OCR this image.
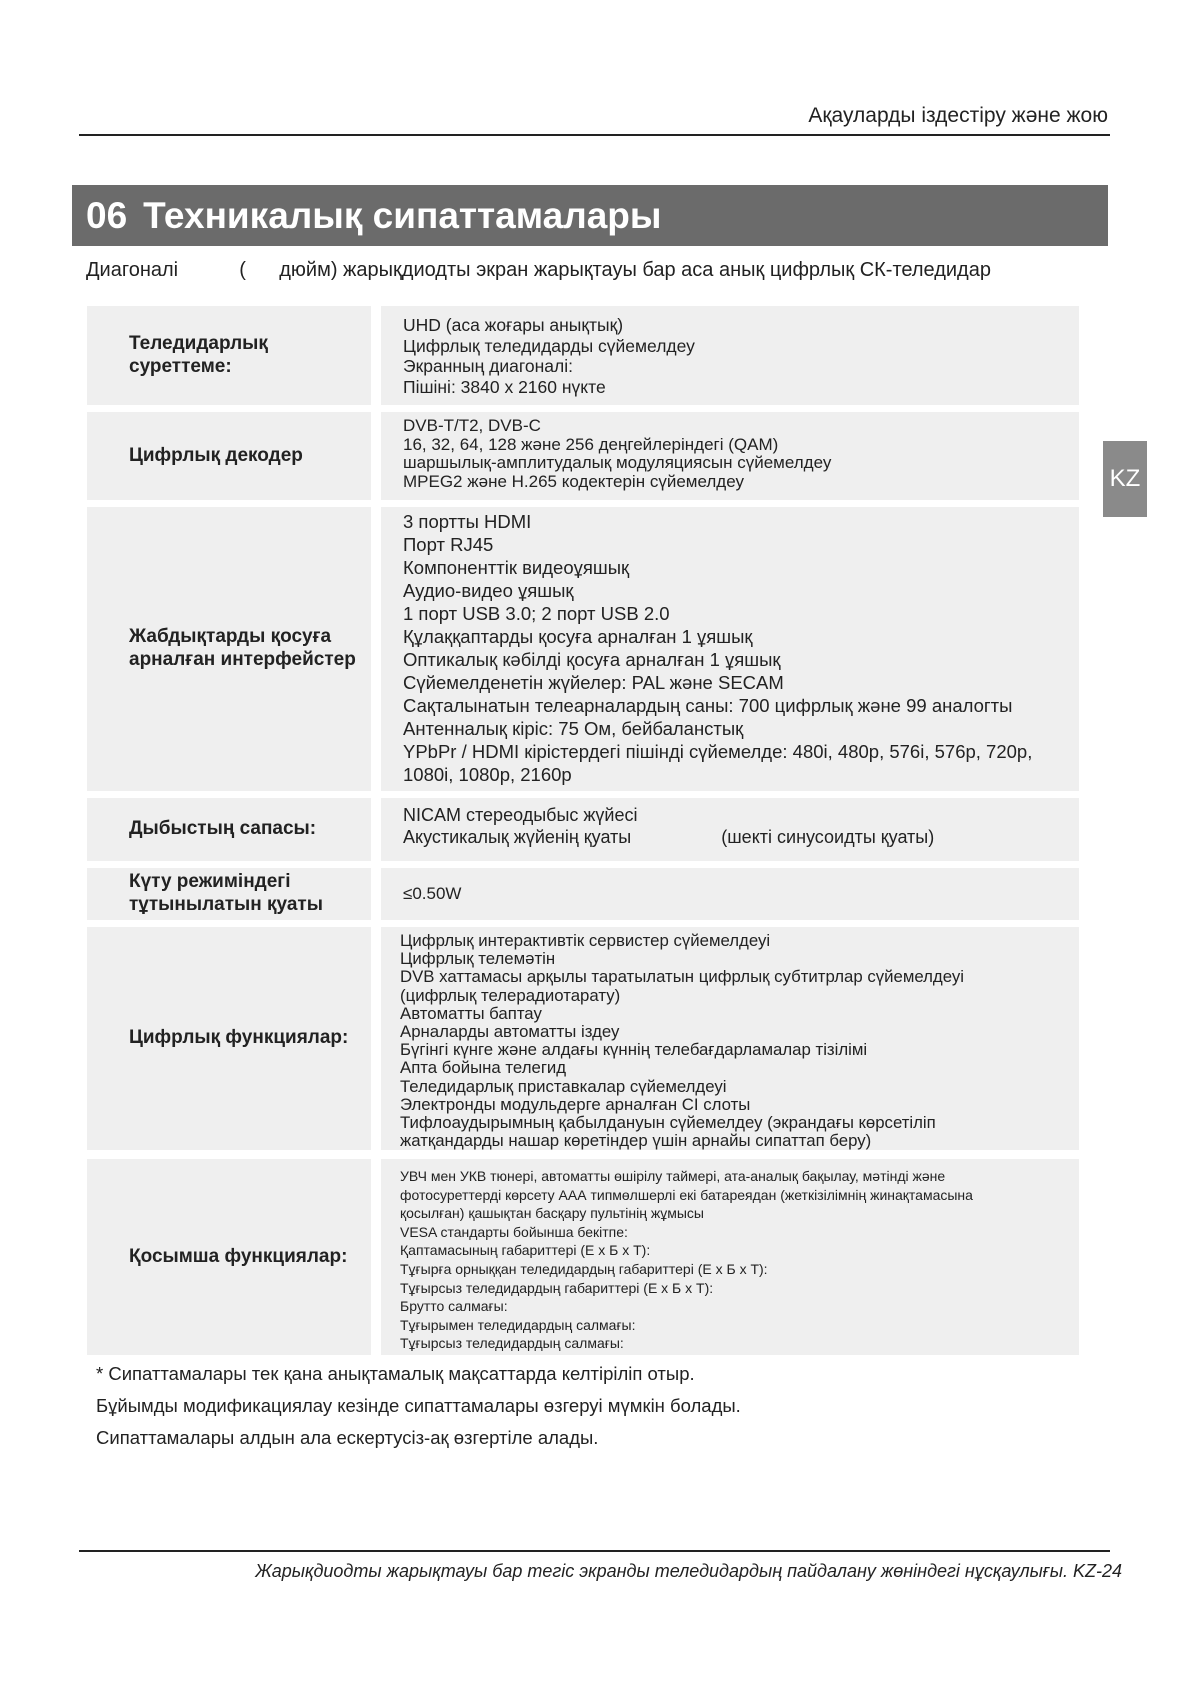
Ақауларды іздестіру және жою
06 Техникалық сипаттамалары
Диагоналі           (      дюйм) жарықдиодты экран жарықтауы бар аса анық цифрлық СК-теледидар
KZ
Теледидарлық суреттеме:
UHD (аса жоғары анықтық)
Цифрлық теледидарды сүйемелдеу
Экранның диагоналі:
Пішіні: 3840 x 2160 нүкте
Цифрлық декодер
DVB-T/T2, DVB-C
16, 32, 64, 128 және 256 деңгейлеріндегі (QAM)
шаршылық-амплитудалық модуляциясын сүйемелдеу
MPEG2 және H.265 кодектерін сүйемелдеу
Жабдықтарды қосуға арналған интерфейстер
3 портты HDMI
Порт RJ45
Компоненттік видеоұяшық
Аудио-видео ұяшық
1 порт USB 3.0; 2 порт USB 2.0
Құлаққаптарды қосуға арналған 1 ұяшық
Оптикалық кәбілді қосуға арналған 1 ұяшық
Сүйемелденетін жүйелер: PAL және SECAM
Сақталынатын телеарналардың саны: 700 цифрлық және 99 аналогты
Антенналық кіріс: 75 Ом, бейбаланстық
YPbPr / HDMI кірістердегі пішінді сүйемелде: 480i, 480p, 576i, 576p, 720p,
1080i, 1080p, 2160p
Дыбыстың сапасы:
NICAM стереодыбыс жүйесі
Акустикалық жүйенің қуаты                  (шекті синусоидты қуаты)
Күту режиміндегі тұтынылатын қуаты
≤0.50W
Цифрлық функциялар:
Цифрлық интерактивтік сервистер сүйемелдеуі
Цифрлық телемәтін
DVB хаттамасы арқылы таратылатын цифрлық субтитрлар сүйемелдеуі
(цифрлық телерадиотарату)
Автоматты баптау
Арналарды автоматты іздеу
Бүгінгі күнге және алдағы күннің телебағдарламалар тізілімі
Апта бойына телегид
Теледидарлық приставкалар сүйемелдеуі
Электронды модульдерге арналған CI слоты
Тифлоаудырымның қабылдануын сүйемелдеу (экрандағы көрсетіліп
жатқандарды нашар көретіндер үшін арнайы сипаттап беру)
Қосымша функциялар:
УВЧ мен УКВ тюнері, автоматты өшірілу таймері, ата-аналық бақылау, мәтінді және
фотосуреттерді көрсету ААА типмөлшерлі екі батареядан (жеткізілімнің жинақтамасына
қосылған) қашықтан басқару пультінің жұмысы
VESA стандарты бойынша бекітпе:
Қаптамасының габариттері (Е х Б х Т):
Тұғырға орныққан теледидардың габариттері (Е х Б х Т):
Тұғырсыз теледидардың габариттері (Е х Б х Т):
Брутто салмағы:
Тұғырымен теледидардың салмағы:
Тұғырсыз теледидардың салмағы:
* Сипаттамалары тек қана анықтамалық мақсаттарда келтіріліп отыр.
Бұйымды модификациялау кезінде сипаттамалары өзгеруі мүмкін болады.
Сипаттамалары алдын ала ескертусіз-ақ өзгертіле алады.
Жарықдиодты жарықтауы бар тегіс экранды теледидардың пайдалану жөніндегі нұсқаулығы. KZ-24
